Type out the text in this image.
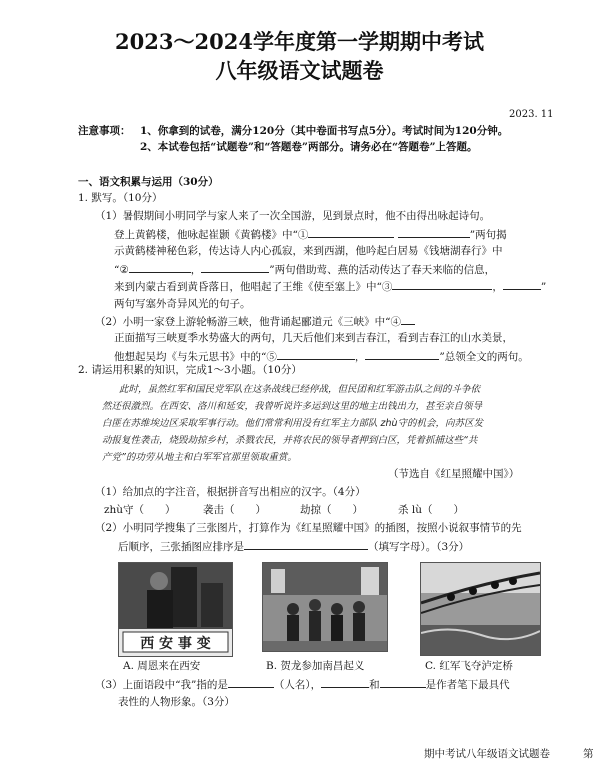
2023～2024学年度第一学期期中考试
八年级语文试题卷
2023. 11
注意事项： 1、你拿到的试卷，满分120分（其中卷面书写点5分）。考试时间为120分钟。
2、本试卷包括“试题卷”和“答题卷”两部分。请务必在“答题卷”上答题。
一、语文积累与运用（30分）
1. 默写。（10分）
（1）暑假期间小明同学与家人来了一次全国游，见到景点时，他不由得出咏起诗句。
登上黄鹤楼，他咏起崔颢《黄鹤楼》中“①	”两句揭
示黄鹤楼神秘色彩，传达诗人内心孤寂，来到西湖，他吟起白居易《钱塘湖春行》中
“②	，	”两句借助莺、燕的活动传达了春天来临的信息，
来到内蒙古看到黄昏落日，他唱起了王维《使至塞上》中“③	，	”
两句写塞外奇异风光的句子。
（2）小明一家登上游轮畅游三峡，他背诵起郦道元《三峡》中“④
正面描写三峡夏季水势盛大的两句，几天后他们来到吉春江，看到吉春江的山水美景，
他想起吴均《与朱元思书》中的“⑤	，	”总领全文的两句。
2. 请运用积累的知识，完成1～3小题。（10分）
此时，虽然红军和国民党军队在这条战线已经停战，但民团和红军游击队之间的斗争依
然还很激烈。在西安、洛川和延安，我曾听说许多运到这里的地主出钱出力，甚至亲自领导
白匪在苏维埃边区采取军事行动。他们常常利用没有红军主力部队 zhù守的机会，向苏区发
动报复性袭击，烧毁劫掠乡村，杀戮农民，并将农民的领导者押到白区，凭着抓捕这些“共
产党”的功劳从地主和白军军官那里领取重赏。
（节选自《红星照耀中国》）
（1）给加点的字注音，根据拼音写出相应的汉字。（4分）
zhù守（　　）	袭击（　　）	劫掠（　　）	杀 lù（　　）
（2）小明同学搜集了三张图片，打算作为《红星照耀中国》的插图，按照小说叙事情节的先
后顺序，三张插图应排序是	（填写字母）。（3分）
西 安 事 变
A. 周恩来在西安	B. 贺龙参加南昌起义	C. 红军飞夺泸定桥
（3）上面语段中“我”指的是	（人名），	和	是作者笔下最具代
表性的人物形象。（3分）
期中考试八年级语文试题卷	第
